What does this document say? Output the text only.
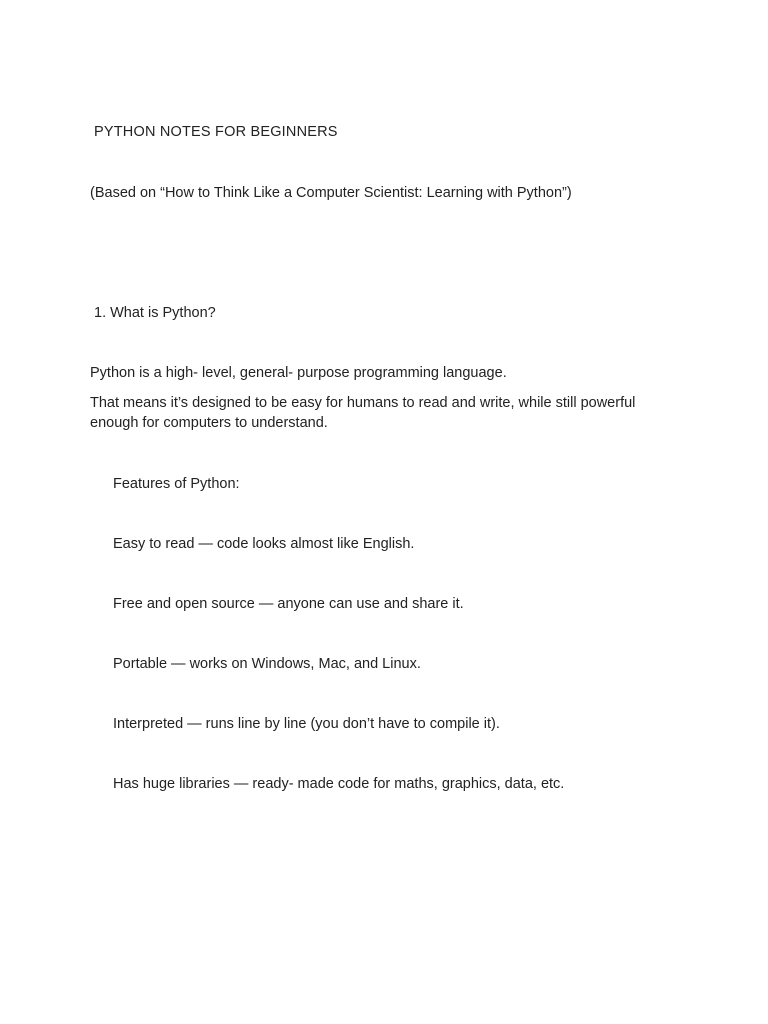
PYTHON NOTES FOR BEGINNERS

(Based on “How to Think Like a Computer Scientist: Learning with Python”)

1. What is Python?

Python is a high- level, general- purpose programming language.

That means it’s designed to be easy for humans to read and write, while still powerful enough for computers to understand.

Features of Python:

Easy to read — code looks almost like English.

Free and open source — anyone can use and share it.

Portable — works on Windows, Mac, and Linux.

Interpreted — runs line by line (you don’t have to compile it).

Has huge libraries — ready- made code for maths, graphics, data, etc.
